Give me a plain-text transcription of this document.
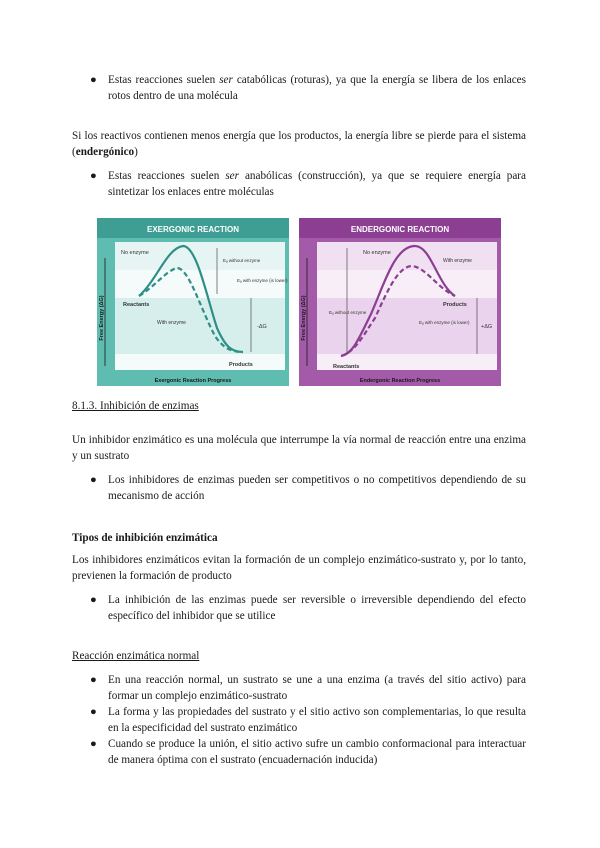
● Estas reacciones suelen ser catabólicas (roturas), ya que la energía se libera de los enlaces rotos dentro de una molécula
Si los reactivos contienen menos energía que los productos, la energía libre se pierde para el sistema (endergónico)
● Estas reacciones suelen ser anabólicas (construcción), ya que se requiere energía para sintetizar los enlaces entre moléculas
EXERGONIC REACTION
Free Energy (ΔG)
No enzyme
Reactants
With enzyme
Products
Eₐ without enzyme
Eₐ with enzyme (is lower)
-ΔG
Exergonic Reaction Progress
ENDERGONIC REACTION
Free Energy (ΔG)
No enzyme
With enzyme
Reactants
Products
Eₐ without enzyme
Eₐ with enzyme (is lower)
+ΔG
Endergonic Reaction Progress
8.1.3. Inhibición de enzimas
Un inhibidor enzimático es una molécula que interrumpe la vía normal de reacción entre una enzima y un sustrato
● Los inhibidores de enzimas pueden ser competitivos o no competitivos dependiendo de su mecanismo de acción
Tipos de inhibición enzimática
Los inhibidores enzimáticos evitan la formación de un complejo enzimático-sustrato y, por lo tanto, previenen la formación de producto
● La inhibición de las enzimas puede ser reversible o irreversible dependiendo del efecto específico del inhibidor que se utilice
Reacción enzimática normal
● En una reacción normal, un sustrato se une a una enzima (a través del sitio activo) para formar un complejo enzimático-sustrato
● La forma y las propiedades del sustrato y el sitio activo son complementarias, lo que resulta en la especificidad del sustrato enzimático
● Cuando se produce la unión, el sitio activo sufre un cambio conformacional para interactuar de manera óptima con el sustrato (encuadernación inducida)
